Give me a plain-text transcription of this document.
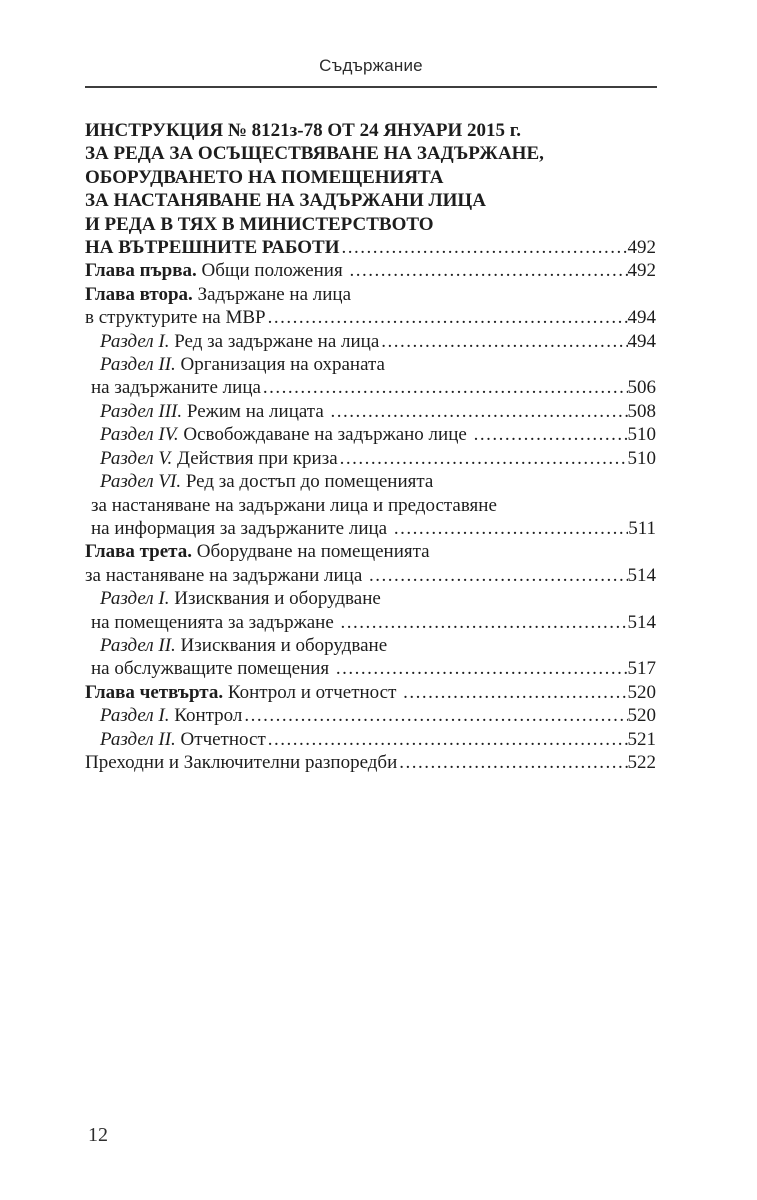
Съдържание
ИНСТРУКЦИЯ № 8121з-78 ОТ 24 ЯНУАРИ 2015 г.
ЗА РЕДА ЗА ОСЪЩЕСТВЯВАНЕ НА ЗАДЪРЖАНЕ,
ОБОРУДВАНЕТО НА ПОМЕЩЕНИЯТА
ЗА НАСТАНЯВАНЕ НА ЗАДЪРЖАНИ ЛИЦА
И РЕДА В ТЯХ В МИНИСТЕРСТВОТО
НА ВЪТРЕШНИТЕ РАБОТИ .....	492
Глава първа. Общи положения .....	492
Глава втора. Задържане на лица
в структурите на МВР .....	494
Раздел I. Ред за задържане на лица .....	494
Раздел II. Организация на охраната
на задържаните лица .....	506
Раздел III. Режим на лицата .....	508
Раздел IV. Освобождаване на задържано лице .....	510
Раздел V. Действия при криза .....	510
Раздел VI. Ред за достъп до помещенията
за настаняване на задържани лица и предоставяне
на информация за задържаните лица .....	511
Глава трета. Оборудване на помещенията
за настаняване на задържани лица .....	514
Раздел I. Изисквания и оборудване
на помещенията за задържане .....	514
Раздел II. Изисквания и оборудване
на обслужващите помещения .....	517
Глава четвърта. Контрол и отчетност .....	520
Раздел I. Контрол .....	520
Раздел II. Отчетност .....	521
Преходни и Заключителни разпоредби .....	522
12
